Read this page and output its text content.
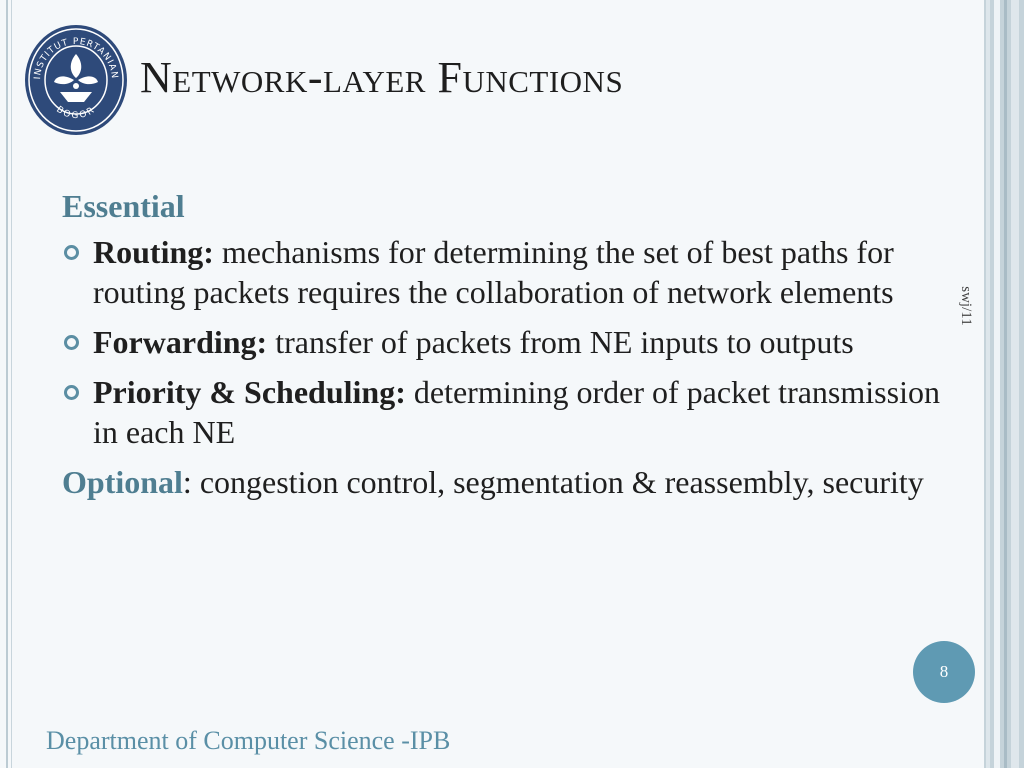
INSTITUT PERTANIAN
BOGOR
Network-layer Functions
swj/11
Essential
Routing: mechanisms for determining the set of best paths for routing packets requires the collaboration of network elements
Forwarding: transfer of packets from NE inputs to outputs
Priority & Scheduling: determining order of packet transmission in each NE
Optional: congestion control, segmentation & reassembly, security
8
Department of Computer Science -IPB
